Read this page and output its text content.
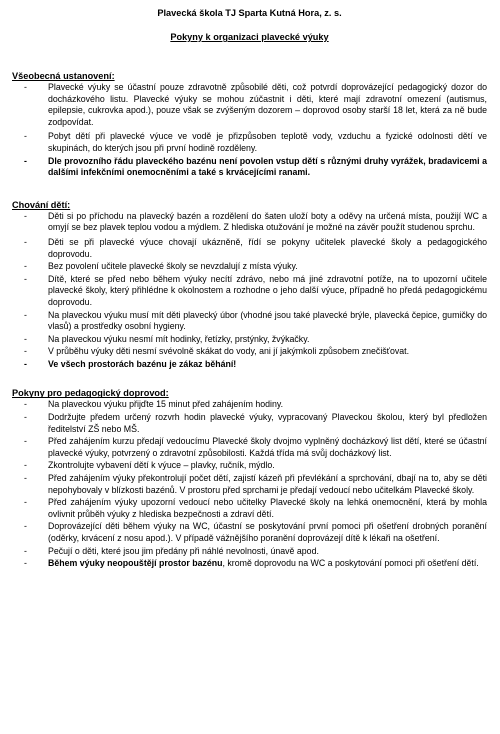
Plavecká škola TJ Sparta Kutná Hora, z. s.
Pokyny k organizaci plavecké výuky
Všeobecná ustanovení:
- Plavecké výuky se účastní pouze zdravotně způsobilé děti, což potvrdí doprovázející pedagogický dozor do docházkového listu. Plavecké výuky se mohou zúčastnit i děti, které mají zdravotní omezení (autismus, epilepsie, cukrovka apod.), pouze však se zvýšeným dozorem – doprovod osoby starší 18 let, která za ně bude zodpovídat.
- Pobyt dětí při plavecké výuce ve vodě je přizpůsoben teplotě vody, vzduchu a fyzické odolnosti dětí ve skupinách, do kterých jsou při první hodině rozděleny.
- Dle provozního řádu plaveckého bazénu není povolen vstup dětí s různými druhy vyrážek, bradavicemi a dalšími infekčními onemocněními a také s krvácejícími ranami.
Chování dětí:
- Děti si po příchodu na plavecký bazén a rozdělení do šaten uloží boty a oděvy na určená místa, použijí WC a omyjí se bez plavek teplou vodou a mýdlem. Z hlediska otužování je možné na závěr použít studenou sprchu.
- Děti se při plavecké výuce chovají ukázněně, řídí se pokyny učitelek plavecké školy a pedagogického doprovodu.
- Bez povolení učitele plavecké školy se nevzdalují z místa výuky.
- Dítě, které se před nebo během výuky necítí zdrávo, nebo má jiné zdravotní potíže, na to upozorní učitele plavecké školy, který přihlédne k okolnostem a rozhodne o jeho další výuce, případně ho předá pedagogickému doprovodu.
- Na plaveckou výuku musí mít děti plavecký úbor (vhodné jsou také plavecké brýle, plavecká čepice, gumičky do vlasů) a prostředky osobní hygieny.
- Na plaveckou výuku nesmí mít hodinky, řetízky, prstýnky, žvýkačky.
- V průběhu výuky děti nesmí svévolně skákat do vody, ani jí jakýmkoli způsobem znečišťovat.
- Ve všech prostorách bazénu je zákaz běhání!
Pokyny pro pedagogický doprovod:
- Na plaveckou výuku přijďte 15 minut před zahájením hodiny.
- Dodržujte předem určený rozvrh hodin plavecké výuky, vypracovaný Plaveckou školou, který byl předložen ředitelství ZŠ nebo MŠ.
- Před zahájením kurzu předají vedoucímu Plavecké školy dvojmo vyplněný docházkový list dětí, které se účastní plavecké výuky, potvrzený o zdravotní způsobilosti. Každá třída má svůj docházkový list.
- Zkontrolujte vybavení dětí k výuce – plavky, ručník, mýdlo.
- Před zahájením výuky překontrolují počet dětí, zajistí kázeň při převlékání a sprchování, dbají na to, aby se děti nepohybovaly v blízkosti bazénů. V prostoru před sprchami je předají vedoucí nebo učitelkám Plavecké školy.
- Před zahájením výuky upozorní vedoucí nebo učitelky Plavecké školy na lehká onemocnění, která by mohla ovlivnit průběh výuky z hlediska bezpečnosti a zdraví dětí.
- Doprovázející děti během výuky na WC, účastní se poskytování první pomoci při ošetření drobných poranění (oděrky, krvácení z nosu apod.). V případě vážnějšího poranění doprovázejí dítě k lékaři na ošetření.
- Pečují o děti, které jsou jim předány při náhlé nevolnosti, únavě apod.
- Během výuky neopouštějí prostor bazénu, kromě doprovodu na WC a poskytování pomoci při ošetření dětí.
